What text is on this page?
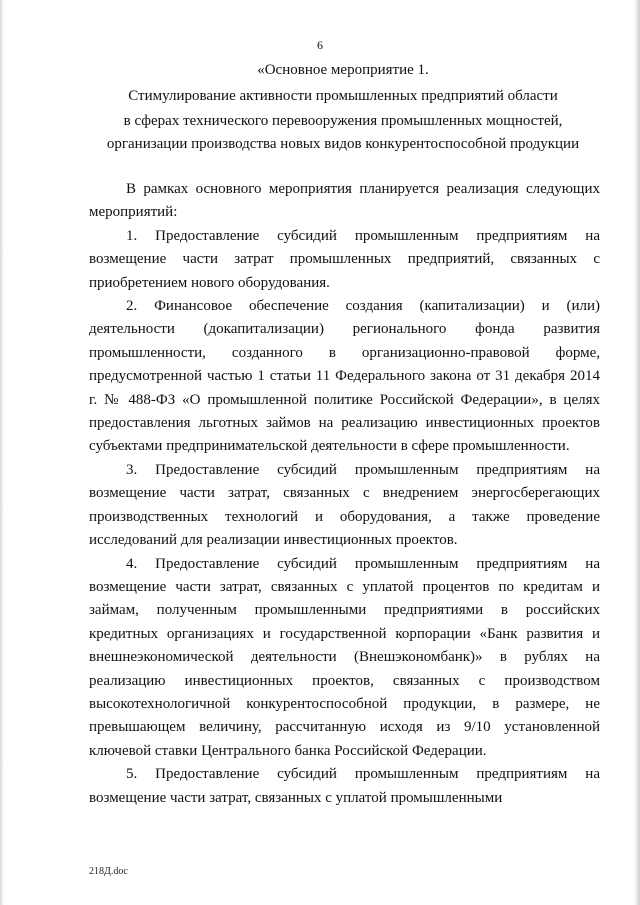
6
«Основное мероприятие 1.
Стимулирование активности промышленных предприятий области
в сферах технического перевооружения промышленных мощностей,
организации производства новых видов конкурентоспособной продукции

В рамках основного мероприятия планируется реализация следующих мероприятий:

1. Предоставление субсидий промышленным предприятиям на возмещение части затрат промышленных предприятий, связанных с приобретением нового оборудования.

2. Финансовое обеспечение создания (капитализации) и (или) деятельности (докапитализации) регионального фонда развития промышленности, созданного в организационно-правовой форме, предусмотренной частью 1 статьи 11 Федерального закона от 31 декабря 2014 г. № 488-ФЗ «О промышленной политике Российской Федерации», в целях предоставления льготных займов на реализацию инвестиционных проектов субъектами предпринимательской деятельности в сфере промышленности.

3. Предоставление субсидий промышленным предприятиям на возмещение части затрат, связанных с внедрением энергосберегающих производственных технологий и оборудования, а также проведение исследований для реализации инвестиционных проектов.

4. Предоставление субсидий промышленным предприятиям на возмещение части затрат, связанных с уплатой процентов по кредитам и займам, полученным промышленными предприятиями в российских кредитных организациях и государственной корпорации «Банк развития и внешнеэкономической деятельности (Внешэкономбанк)» в рублях на реализацию инвестиционных проектов, связанных с производством высокотехнологичной конкурентоспособной продукции, в размере, не превышающем величину, рассчитанную исходя из 9/10 установленной ключевой ставки Центрального банка Российской Федерации.

5. Предоставление субсидий промышленным предприятиям на возмещение части затрат, связанных с уплатой промышленными

218Д.doc
